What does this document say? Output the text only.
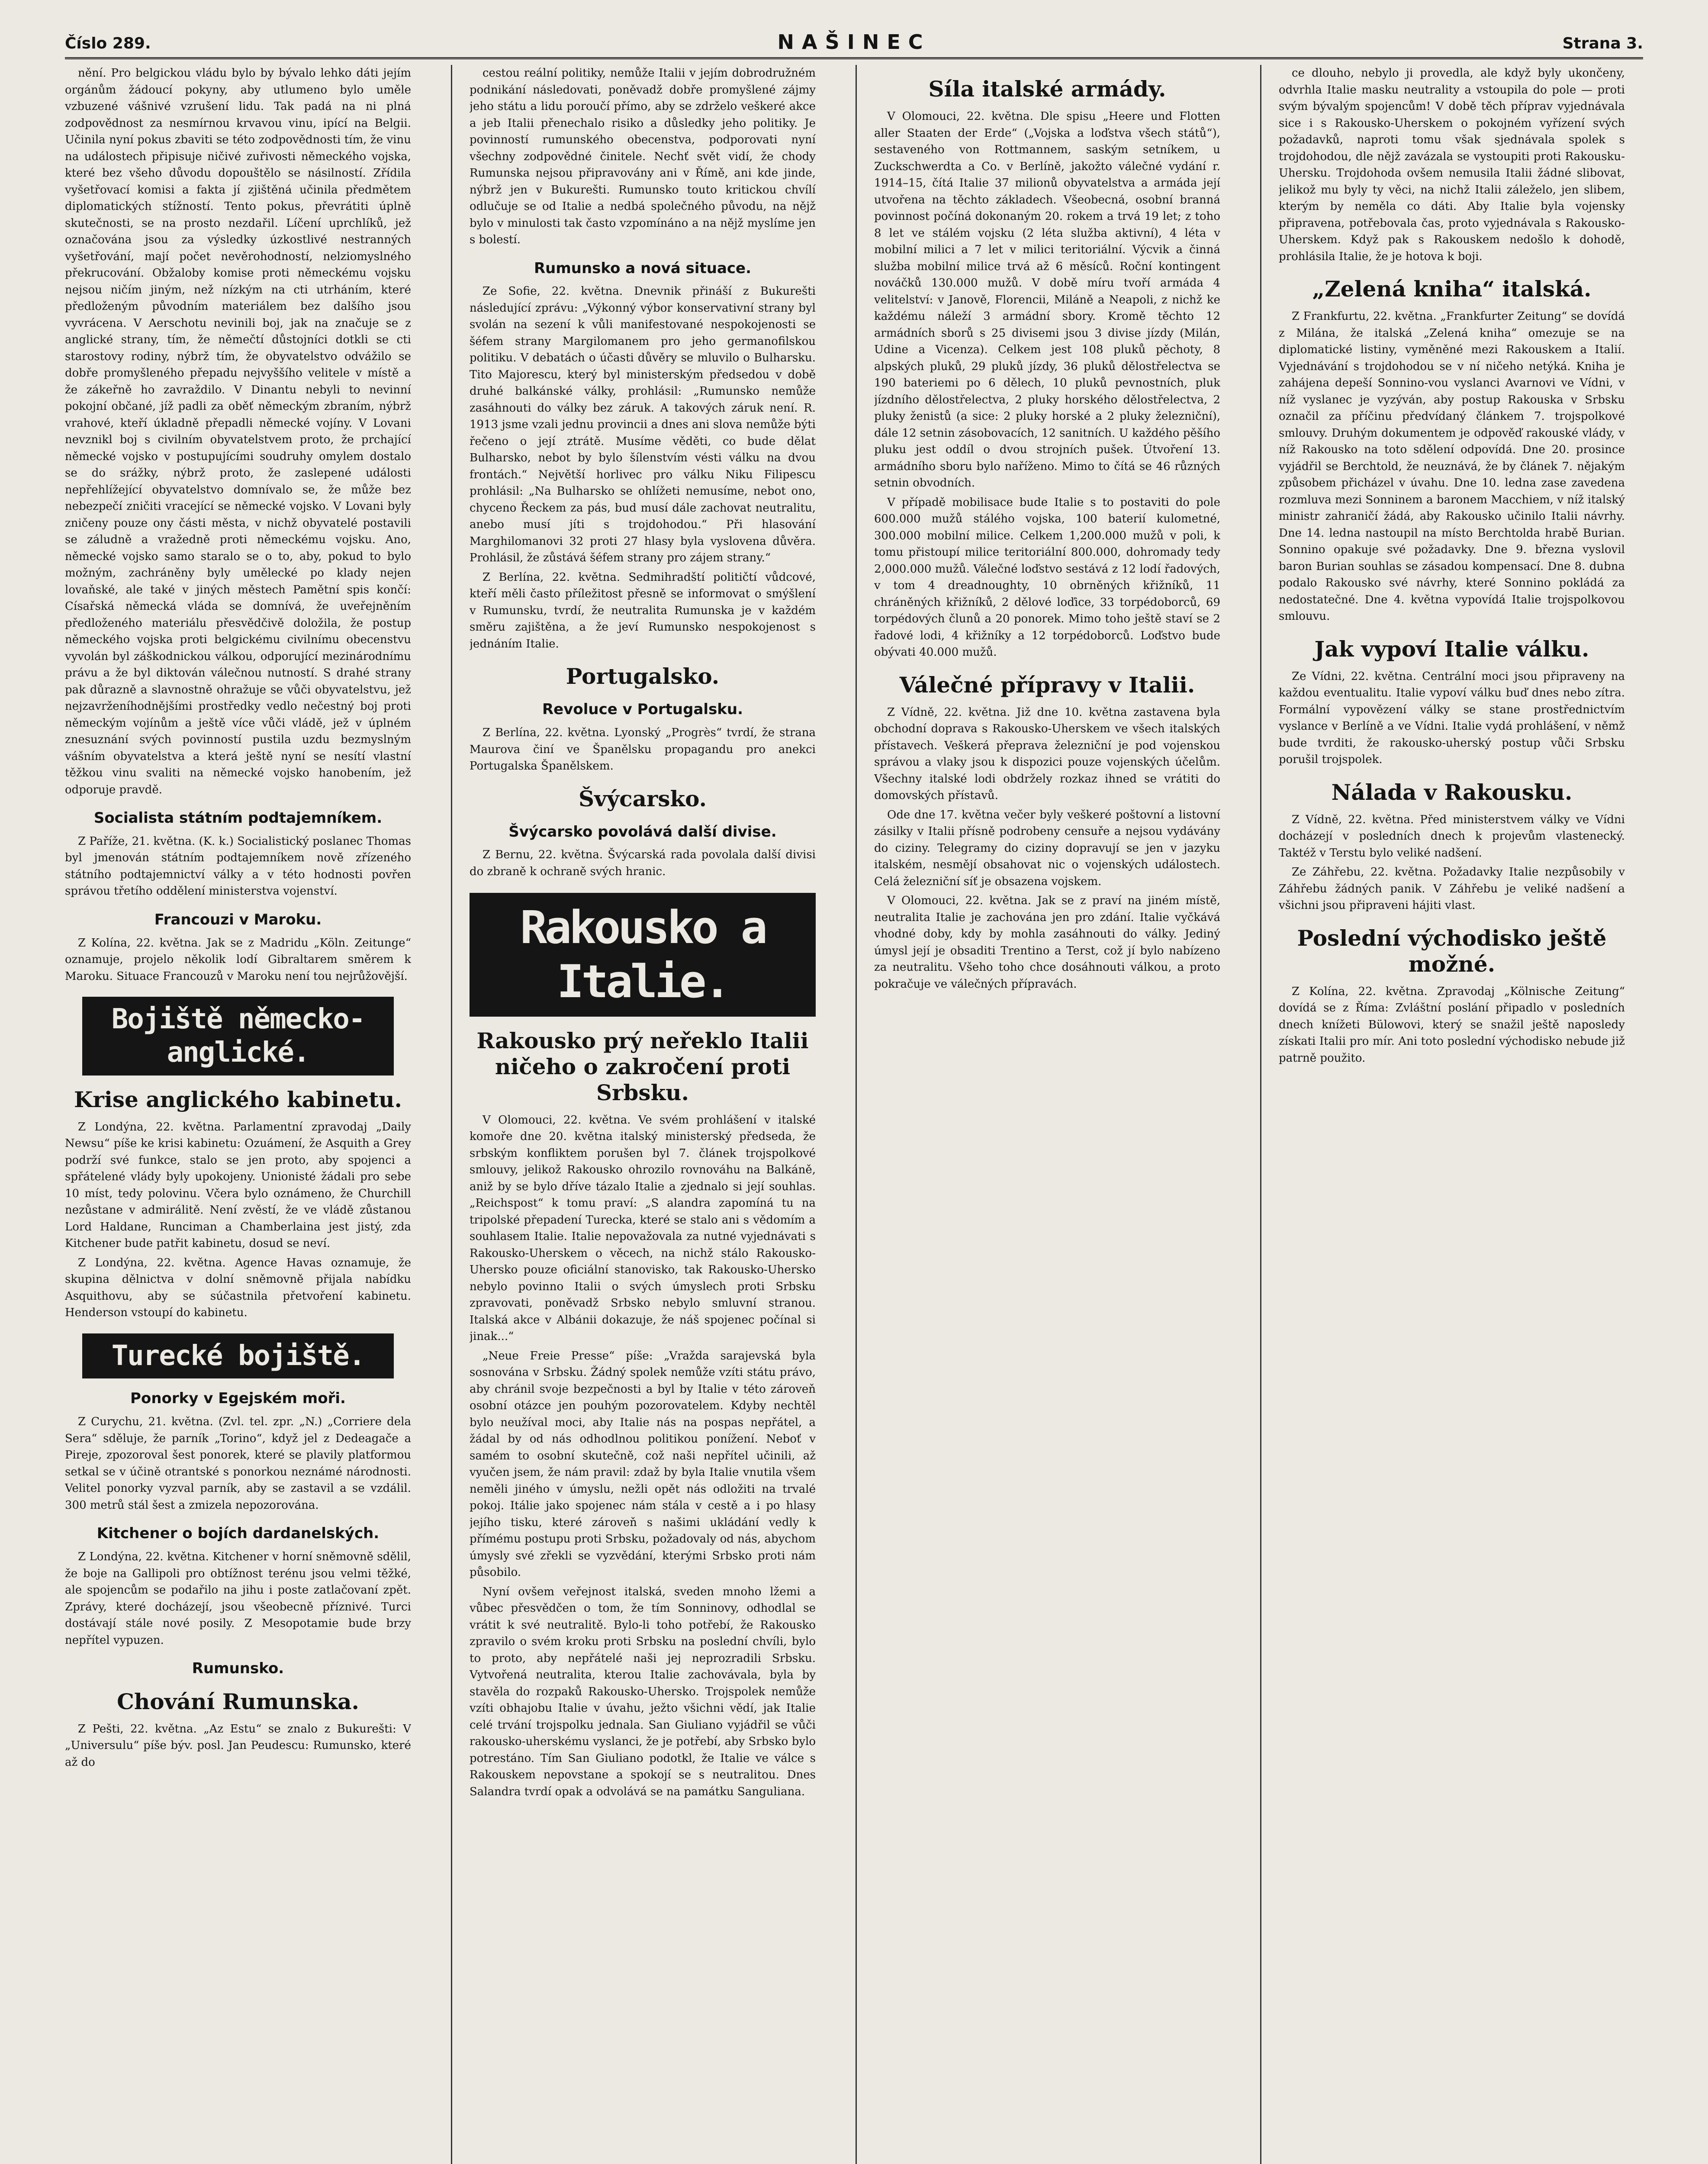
Číslo 289.	NAŠINEC	Strana 3.
nění. Pro belgickou vládu bylo by bývalo lehko dáti jejím orgánům žádoucí pokyny, aby utlumeno bylo uměle vzbuzené vášnivé vzrušení lidu. Tak padá na ni plná zodpovědnost za nesmírnou krvavou vinu, ipící na Belgii. Učinila nyní pokus zbaviti se této zodpovědnosti tím, že vinu na událostech připisuje ničivé zuřivosti německého vojska, které bez všeho důvodu dopouštělo se násilností. Zřídila vyšetřovací komisi a fakta jí zjištěná učinila předmětem diplomatických stížností. Tento pokus, převrátiti úplně skutečnosti, se na prosto nezdařil. Líčení uprchlíků, jež označována jsou za výsledky úzkostlivé nestranných vyšetřování, mají počet nevěrohodností, nelziomyslného překrucování. Obžaloby komise proti německému vojsku nejsou ničím jiným, než nízkým na cti utrháním, které předloženým původním materiálem bez dalšího jsou vyvrácena. V Aerschotu nevinili boj, jak na značuje se z anglické strany, tím, že němečtí důstojníci dotkli se cti starostovy rodiny, nýbrž tím, že obyvatelstvo odvážilo se dobře promyšleného přepadu nejvyššího velitele v místě a že zákeřně ho zavraždilo. V Dinantu nebyli to nevinní pokojní občané, jíž padli za oběť německým zbraním, nýbrž vrahové, kteří úkladně přepadli německé vojíny. V Lovani nevznikl boj s civilním obyvatelstvem proto, že prchající německé vojsko v postupujícími soudruhy omylem dostalo se do srážky, nýbrž proto, že zaslepené události nepřehlížející obyvatelstvo domnívalo se, že může bez nebezpečí zničiti vracející se německé vojsko. V Lovani byly zničeny pouze ony části města, v nichž obyvatelé postavili se záludně a vražedně proti německému vojsku. Ano, německé vojsko samo staralo se o to, aby, pokud to bylo možným, zachráněny byly umělecké po klady nejen lovaňské, ale také v jiných městech Pamětní spis končí: Císařská německá vláda se domnívá, že uveřejněním předloženého materiálu přesvědčivě doložila, že postup německého vojska proti belgickému civilnímu obecenstvu vyvolán byl záškodnickou válkou, odporující mezinárodnímu právu a že byl diktován válečnou nutností. S drahé strany pak důrazně a slavnostně ohražuje se vůči obyvatelstvu, jež nejzavrženíhodnějšími prostředky vedlo nečestný boj proti německým vojínům a ještě více vůči vládě, jež v úplném znesuznání svých povinností pustila uzdu bezmyslným vášním obyvatelstva a která ještě nyní se nesítí vlastní těžkou vinu svaliti na německé vojsko hanobením, jež odporuje pravdě.
Socialista státním podtajemníkem.
Z Paříže, 21. května. (K. k.) Socialistický poslanec Thomas byl jmenován státním podtajemníkem nově zřízeného státního podtajemnictví války a v této hodnosti povřen správou třetího oddělení ministerstva vojenství.
Francouzi v Maroku.
Z Kolína, 22. května. Jak se z Madridu „Köln. Zeitunge“ oznamuje, projelo několik lodí Gibraltarem směrem k Maroku. Situace Francouzů v Maroku není tou nejrůžovější.
Bojiště německo-anglické.
Krise anglického kabinetu.
Z Londýna, 22. května. Parlamentní zpravodaj „Daily Newsu“ píše ke krisi kabinetu: Ozuámení, že Asquith a Grey podrží své funkce, stalo se jen proto, aby spojenci a spřátelené vlády byly upokojeny. Unionisté žádali pro sebe 10 míst, tedy polovinu. Včera bylo oznámeno, že Churchill nezůstane v admirálitě. Není zvěstí, že ve vládě zůstanou Lord Haldane, Runciman a Chamberlaina jest jistý, zda Kitchener bude patřit kabinetu, dosud se neví.
Z Londýna, 22. května. Agence Havas oznamuje, že skupina dělnictva v dolní sněmovně přijala nabídku Asquithovu, aby se súčastnila přetvoření kabinetu. Henderson vstoupí do kabinetu.
Turecké bojiště.
Ponorky v Egejském moři.
Z Curychu, 21. května. (Zvl. tel. zpr. „N.) „Corriere dela Sera“ sděluje, že parník „Torino“, když jel z Dedeagače a Pireje, zpozoroval šest ponorek, které se plavily platformou setkal se v účině otrantské s ponorkou neznámé národnosti. Velitel ponorky vyzval parník, aby se zastavil a se vzdálil. 300 metrů stál šest a zmizela nepozorována.
Kitchener o bojích dardanelských.
Z Londýna, 22. května. Kitchener v horní sněmovně sdělil, že boje na Gallipoli pro obtížnost terénu jsou velmi těžké, ale spojencům se podařilo na jihu i poste zatlačovaní zpět. Zprávy, které docházejí, jsou všeobecně příznivé. Turci dostávají stále nové posily. Z Mesopotamie bude brzy nepřítel vypuzen.
Rumunsko.
Chování Rumunska.
Z Pešti, 22. května. „Az Estu“ se znalo z Bukurešti: V „Universulu“ píše býv. posl. Jan Peudescu: Rumunsko, které až do
cestou reální politiky, nemůže Italii v jejím dobrodružném podnikání následovati, poněvadž dobře promyšlené zájmy jeho státu a lidu poroučí přímo, aby se zdrželo veškeré akce a jeb Italii přenechalo risiko a důsledky jeho politiky. Je povinností rumunského obecenstva, podporovati nyní všechny zodpovědné činitele. Nechť svět vidí, že chody Rumunska nejsou připravovány ani v Římě, ani kde jinde, nýbrž jen v Bukurešti. Rumunsko touto kritickou chvílí odlučuje se od Italie a nedbá společného původu, na nějž bylo v minulosti tak často vzpomínáno a na nějž myslíme jen s bolestí.
Rumunsko a nová situace.
Ze Sofie, 22. května. Dnevnik přináší z Bukurešti následující zprávu: „Výkonný výbor konservativní strany byl svolán na sezení k vůli manifestované nespokojenosti se šéfem strany Margilomanem pro jeho germanofilskou politiku. V debatách o účasti důvěry se mluvilo o Bulharsku. Tito Majorescu, který byl ministerským předsedou v době druhé balkánské války, prohlásil: „Rumunsko nemůže zasáhnouti do války bez záruk. A takových záruk není. R. 1913 jsme vzali jednu provincii a dnes ani slova nemůže býti řečeno o její ztrátě. Musíme věděti, co bude dělat Bulharsko, nebot by bylo šílenstvím vésti válku na dvou frontách.“ Největší horlivec pro válku Niku Filipescu prohlásil: „Na Bulharsko se ohlížeti nemusíme, nebot ono, chyceno Řeckem za pás, bud musí dále zachovat neutralitu, anebo musí jíti s trojdohodou.“ Při hlasování Marghilomanovi 32 proti 27 hlasy byla vyslovena důvěra. Prohlásil, že zůstává šéfem strany pro zájem strany.“
Z Berlína, 22. května. Sedmihradští političtí vůdcové, kteří měli často příležitost přesně se informovat o smýšlení v Rumunsku, tvrdí, že neutralita Rumunska je v každém směru zajištěna, a že jeví Rumunsko nespokojenost s jednáním Italie.
Portugalsko.
Revoluce v Portugalsku.
Z Berlína, 22. května. Lyonský „Progrès“ tvrdí, že strana Maurova činí ve Španělsku propagandu pro anekci Portugalska Španělskem.
Švýcarsko.
Švýcarsko povolává další divise.
Z Bernu, 22. května. Švýcarská rada povolala další divisi do zbraně k ochraně svých hranic.
Rakousko a Italie.
Rakousko prý neřeklo Italii ničeho o zakročení proti Srbsku.
V Olomouci, 22. května. Ve svém prohlášení v italské komoře dne 20. května italský ministerský předseda, že srbským konfliktem porušen byl 7. článek trojspolkové smlouvy, jelikož Rakousko ohrozilo rovnováhu na Balkáně, aniž by se bylo dříve tázalo Italie a zjednalo si její souhlas. „Reichspost“ k tomu praví: „S alandra zapomíná tu na tripolské přepadení Turecka, které se stalo ani s vědomím a souhlasem Italie. Italie nepovažovala za nutné vyjednávati s Rakousko-Uherskem o věcech, na nichž stálo Rakousko-Uhersko pouze oficiální stanovisko, tak Rakousko-Uhersko nebylo povinno Italii o svých úmyslech proti Srbsku zpravovati, poněvadž Srbsko nebylo smluvní stranou. Italská akce v Albánii dokazuje, že náš spojenec počínal si jinak...“
„Neue Freie Presse“ píše: „Vražda sarajevská byla sosnována v Srbsku. Žádný spolek nemůže vzíti státu právo, aby chránil svoje bezpečnosti a byl by Italie v této zároveň osobní otázce jen pouhým pozorovatelem. Kdyby nechtěl bylo neužíval moci, aby Italie nás na pospas nepřátel, a žádal by od nás odhodlnou politikou ponížení. Neboť v samém to osobní skutečně, což naši nepřítel učinili, až vyučen jsem, že nám pravil: zdaž by byla Italie vnutila všem neměli jiného v úmyslu, nežli opět nás odložiti na trvalé pokoj. Itálie jako spojenec nám stála v cestě a i po hlasy jejího tisku, které zároveň s našimi ukládání vedly k přímému postupu proti Srbsku, požadovaly od nás, abychom úmysly své zřekli se vyzvědání, kterými Srbsko proti nám působilo.
Nyní ovšem veřejnost italská, sveden mnoho lžemi a vůbec přesvědčen o tom, že tím Sonninovy, odhodlal se vrátit k své neutralitě. Bylo-li toho potřebí, že Rakousko zpravilo o svém kroku proti Srbsku na poslední chvíli, bylo to proto, aby nepřátelé naši jej neprozradili Srbsku. Vytvořená neutralita, kterou Italie zachovávala, byla by stavěla do rozpaků Rakousko-Uhersko. Trojspolek nemůže vzíti obhajobu Italie v úvahu, ježto všichni vědí, jak Italie celé trvání trojspolku jednala. San Giuliano vyjádřil se vůči rakousko-uherskému vyslanci, že je potřebí, aby Srbsko bylo potrestáno. Tím San Giuliano podotkl, že Italie ve válce s Rakouskem nepovstane a spokojí se s neutralitou. Dnes Salandra tvrdí opak a odvolává se na památku Sanguliana.
Síla italské armády.
V Olomouci, 22. května. Dle spisu „Heere und Flotten aller Staaten der Erde“ („Vojska a loďstva všech států“), sestaveného von Rottmannem, saským setníkem, u Zuckschwerdta a Co. v Berlíně, jakožto válečné vydání r. 1914–15, čítá Italie 37 milionů obyvatelstva a armáda její utvořena na těchto základech. Všeobecná, osobní branná povinnost počíná dokonaným 20. rokem a trvá 19 let; z toho 8 let ve stálém vojsku (2 léta služba aktivní), 4 léta v mobilní milici a 7 let v milici teritoriální. Výcvik a činná služba mobilní milice trvá až 6 měsíců. Roční kontingent nováčků 130.000 mužů. V době míru tvoří armáda 4 velitelství: v Janově, Florencii, Miláně a Neapoli, z nichž ke každému náleží 3 armádní sbory. Kromě těchto 12 armádních sborů s 25 divisemi jsou 3 divise jízdy (Milán, Udine a Vicenza). Celkem jest 108 pluků pěchoty, 8 alpských pluků, 29 pluků jízdy, 36 pluků dělostřelectva se 190 bateriemi po 6 dělech, 10 pluků pevnostních, pluk jízdního dělostřelectva, 2 pluky horského dělostřelectva, 2 pluky ženistů (a sice: 2 pluky horské a 2 pluky železniční), dále 12 setnin zásobovacích, 12 sanitních. U každého pěšího pluku jest oddíl o dvou strojních pušek. Útvoření 13. armádního sboru bylo naříženo. Mimo to čítá se 46 různých setnin obvodních.
V případě mobilisace bude Italie s to postaviti do pole 600.000 mužů stálého vojska, 100 baterií kulometné, 300.000 mobilní milice. Celkem 1,200.000 mužů v poli, k tomu přistoupí milice teritoriální 800.000, dohromady tedy 2,000.000 mužů. Válečné loďstvo sestává z 12 lodí řadových, v tom 4 dreadnoughty, 10 obrněných křižníků, 11 chráněných křižníků, 2 dělové loďice, 33 torpédoborců, 69 torpédových člunů a 20 ponorek. Mimo toho ještě staví se 2 řadové lodi, 4 křižníky a 12 torpédoborců. Loďstvo bude obývati 40.000 mužů.
Válečné přípravy v Italii.
Z Vídně, 22. května. Již dne 10. května zastavena byla obchodní doprava s Rakousko-Uherskem ve všech italských přístavech. Veškerá přeprava železniční je pod vojenskou správou a vlaky jsou k dispozici pouze vojenských účelům. Všechny italské lodi obdržely rozkaz ihned se vrátiti do domovských přístavů.
Ode dne 17. května večer byly veškeré poštovní a listovní zásilky v Italii přísně podrobeny censuře a nejsou vydávány do ciziny. Telegramy do ciziny dopravují se jen v jazyku italském, nesmějí obsahovat nic o vojenských událostech. Celá železniční síť je obsazena vojskem.
V Olomouci, 22. května. Jak se z praví na jiném místě, neutralita Italie je zachována jen pro zdání. Italie vyčkává vhodné doby, kdy by mohla zasáhnouti do války. Jediný úmysl její je obsaditi Trentino a Terst, což jí bylo nabízeno za neutralitu. Všeho toho chce dosáhnouti válkou, a proto pokračuje ve válečných přípravách.
ce dlouho, nebylo ji provedla, ale když byly ukončeny, odvrhla Italie masku neutrality a vstoupila do pole — proti svým bývalým spojencům! V době těch příprav vyjednávala sice i s Rakousko-Uherskem o pokojném vyřízení svých požadavků, naproti tomu však sjednávala spolek s trojdohodou, dle nějž zavázala se vystoupiti proti Rakousku-Uhersku. Trojdohoda ovšem nemusila Italii žádné slibovat, jelikož mu byly ty věci, na nichž Italii záleželo, jen slibem, kterým by neměla co dáti. Aby Italie byla vojensky připravena, potřebovala čas, proto vyjednávala s Rakousko-Uherskem. Když pak s Rakouskem nedošlo k dohodě, prohlásila Italie, že je hotova k boji.
„Zelená kniha“ italská.
Z Frankfurtu, 22. května. „Frankfurter Zeitung“ se dovídá z Milána, že italská „Zelená kniha“ omezuje se na diplomatické listiny, vyměněné mezi Rakouskem a Italií. Vyjednávání s trojdohodou se v ní ničeho netýká. Kniha je zahájena depeší Sonnino-vou vyslanci Avarnovi ve Vídni, v níž vyslanec je vyzýván, aby postup Rakouska v Srbsku označil za příčinu předvídaný článkem 7. trojspolkové smlouvy. Druhým dokumentem je odpověď rakouské vlády, v níž Rakousko na toto sdělení odpovídá. Dne 20. prosince vyjádřil se Berchtold, že neuznává, že by článek 7. nějakým způsobem přicházel v úvahu. Dne 10. ledna zase zavedena rozmluva mezi Sonninem a baronem Macchiem, v níž italský ministr zahraničí žádá, aby Rakousko učinilo Italii návrhy. Dne 14. ledna nastoupil na místo Berchtolda hrabě Burian. Sonnino opakuje své požadavky. Dne 9. března vyslovil baron Burian souhlas se zásadou kompensací. Dne 8. dubna podalo Rakousko své návrhy, které Sonnino pokládá za nedostatečné. Dne 4. května vypovídá Italie trojspolkovou smlouvu.
Jak vypoví Italie válku.
Ze Vídni, 22. května. Centrální moci jsou připraveny na každou eventualitu. Italie vypoví válku buď dnes nebo zítra. Formální vypovězení války se stane prostřednictvím vyslance v Berlíně a ve Vídni. Italie vydá prohlášení, v němž bude tvrditi, že rakousko-uherský postup vůči Srbsku porušil trojspolek.
Nálada v Rakousku.
Z Vídně, 22. května. Před ministerstvem války ve Vídni docházejí v posledních dnech k projevům vlastenecký. Taktéž v Terstu bylo veliké nadšení.
Ze Záhřebu, 22. května. Požadavky Italie nezpůsobily v Záhřebu žádných panik. V Záhřebu je veliké nadšení a všichni jsou připraveni hájiti vlast.
Poslední východisko ještě možné.
Z Kolína, 22. května. Zpravodaj „Kölnische Zeitung“ dovídá se z Říma: Zvláštní poslání připadlo v posledních dnech knížeti Bülowovi, který se snažil ještě naposledy získati Italii pro mír. Ani toto poslední východisko nebude již patrně použito.
